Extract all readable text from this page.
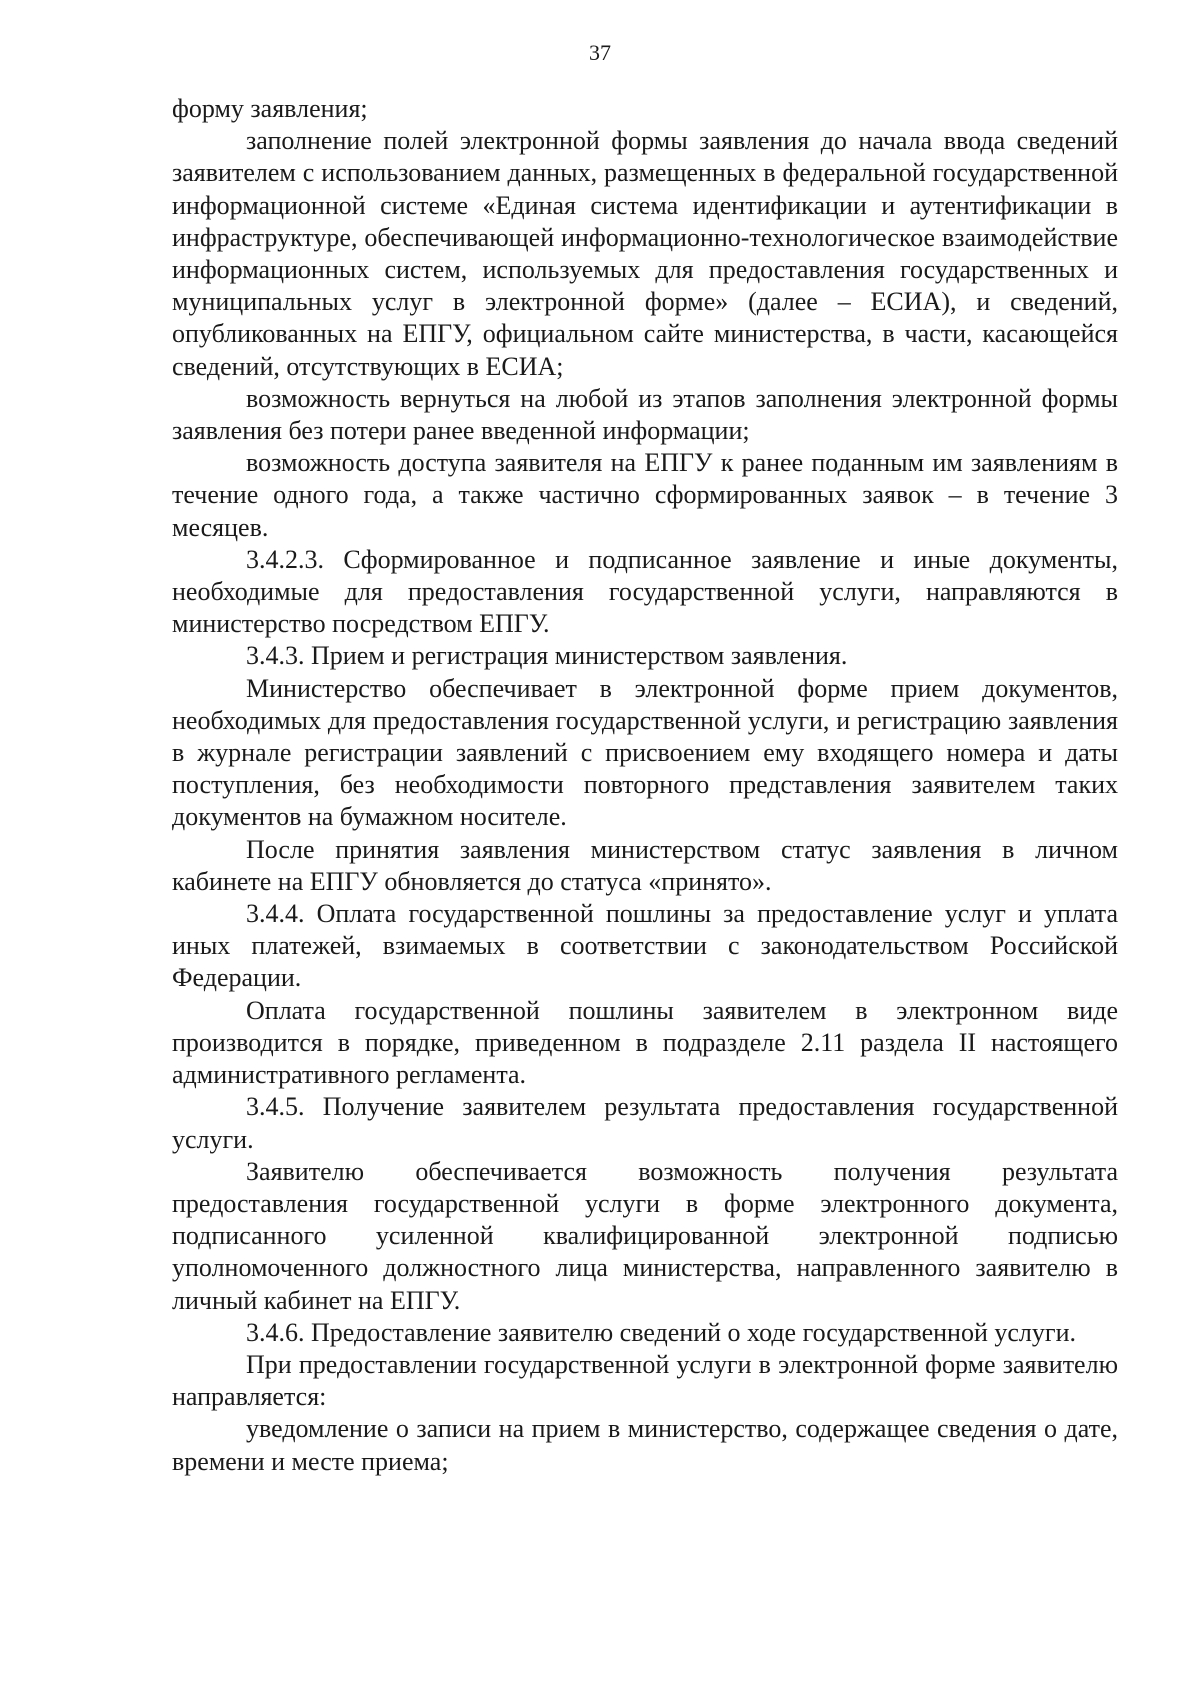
37

форму заявления;

заполнение полей электронной формы заявления до начала ввода сведений заявителем с использованием данных, размещенных в федеральной государственной информационной системе «Единая система идентификации и аутентификации в инфраструктуре, обеспечивающей информационно-технологическое взаимодействие информационных систем, используемых для предоставления государственных и муниципальных услуг в электронной форме» (далее – ЕСИА), и сведений, опубликованных на ЕПГУ, официальном сайте министерства, в части, касающейся сведений, отсутствующих в ЕСИА;

возможность вернуться на любой из этапов заполнения электронной формы заявления без потери ранее введенной информации;

возможность доступа заявителя на ЕПГУ к ранее поданным им заявлениям в течение одного года, а также частично сформированных заявок – в течение 3 месяцев.

3.4.2.3. Сформированное и подписанное заявление и иные документы, необходимые для предоставления государственной услуги, направляются в министерство посредством ЕПГУ.

3.4.3. Прием и регистрация министерством заявления.

Министерство обеспечивает в электронной форме прием документов, необходимых для предоставления государственной услуги, и регистрацию заявления в журнале регистрации заявлений с присвоением ему входящего номера и даты поступления, без необходимости повторного представления заявителем таких документов на бумажном носителе.

После принятия заявления министерством статус заявления в личном кабинете на ЕПГУ обновляется до статуса «принято».

3.4.4. Оплата государственной пошлины за предоставление услуг и уплата иных платежей, взимаемых в соответствии с законодательством Российской Федерации.

Оплата государственной пошлины заявителем в электронном виде производится в порядке, приведенном в подразделе 2.11 раздела II настоящего административного регламента.

3.4.5. Получение заявителем результата предоставления государственной услуги.

Заявителю обеспечивается возможность получения результата предоставления государственной услуги в форме электронного документа, подписанного усиленной квалифицированной электронной подписью уполномоченного должностного лица министерства, направленного заявителю в личный кабинет на ЕПГУ.

3.4.6. Предоставление заявителю сведений о ходе государственной услуги.

При предоставлении государственной услуги в электронной форме заявителю направляется:

уведомление о записи на прием в министерство, содержащее сведения о дате, времени и месте приема;
